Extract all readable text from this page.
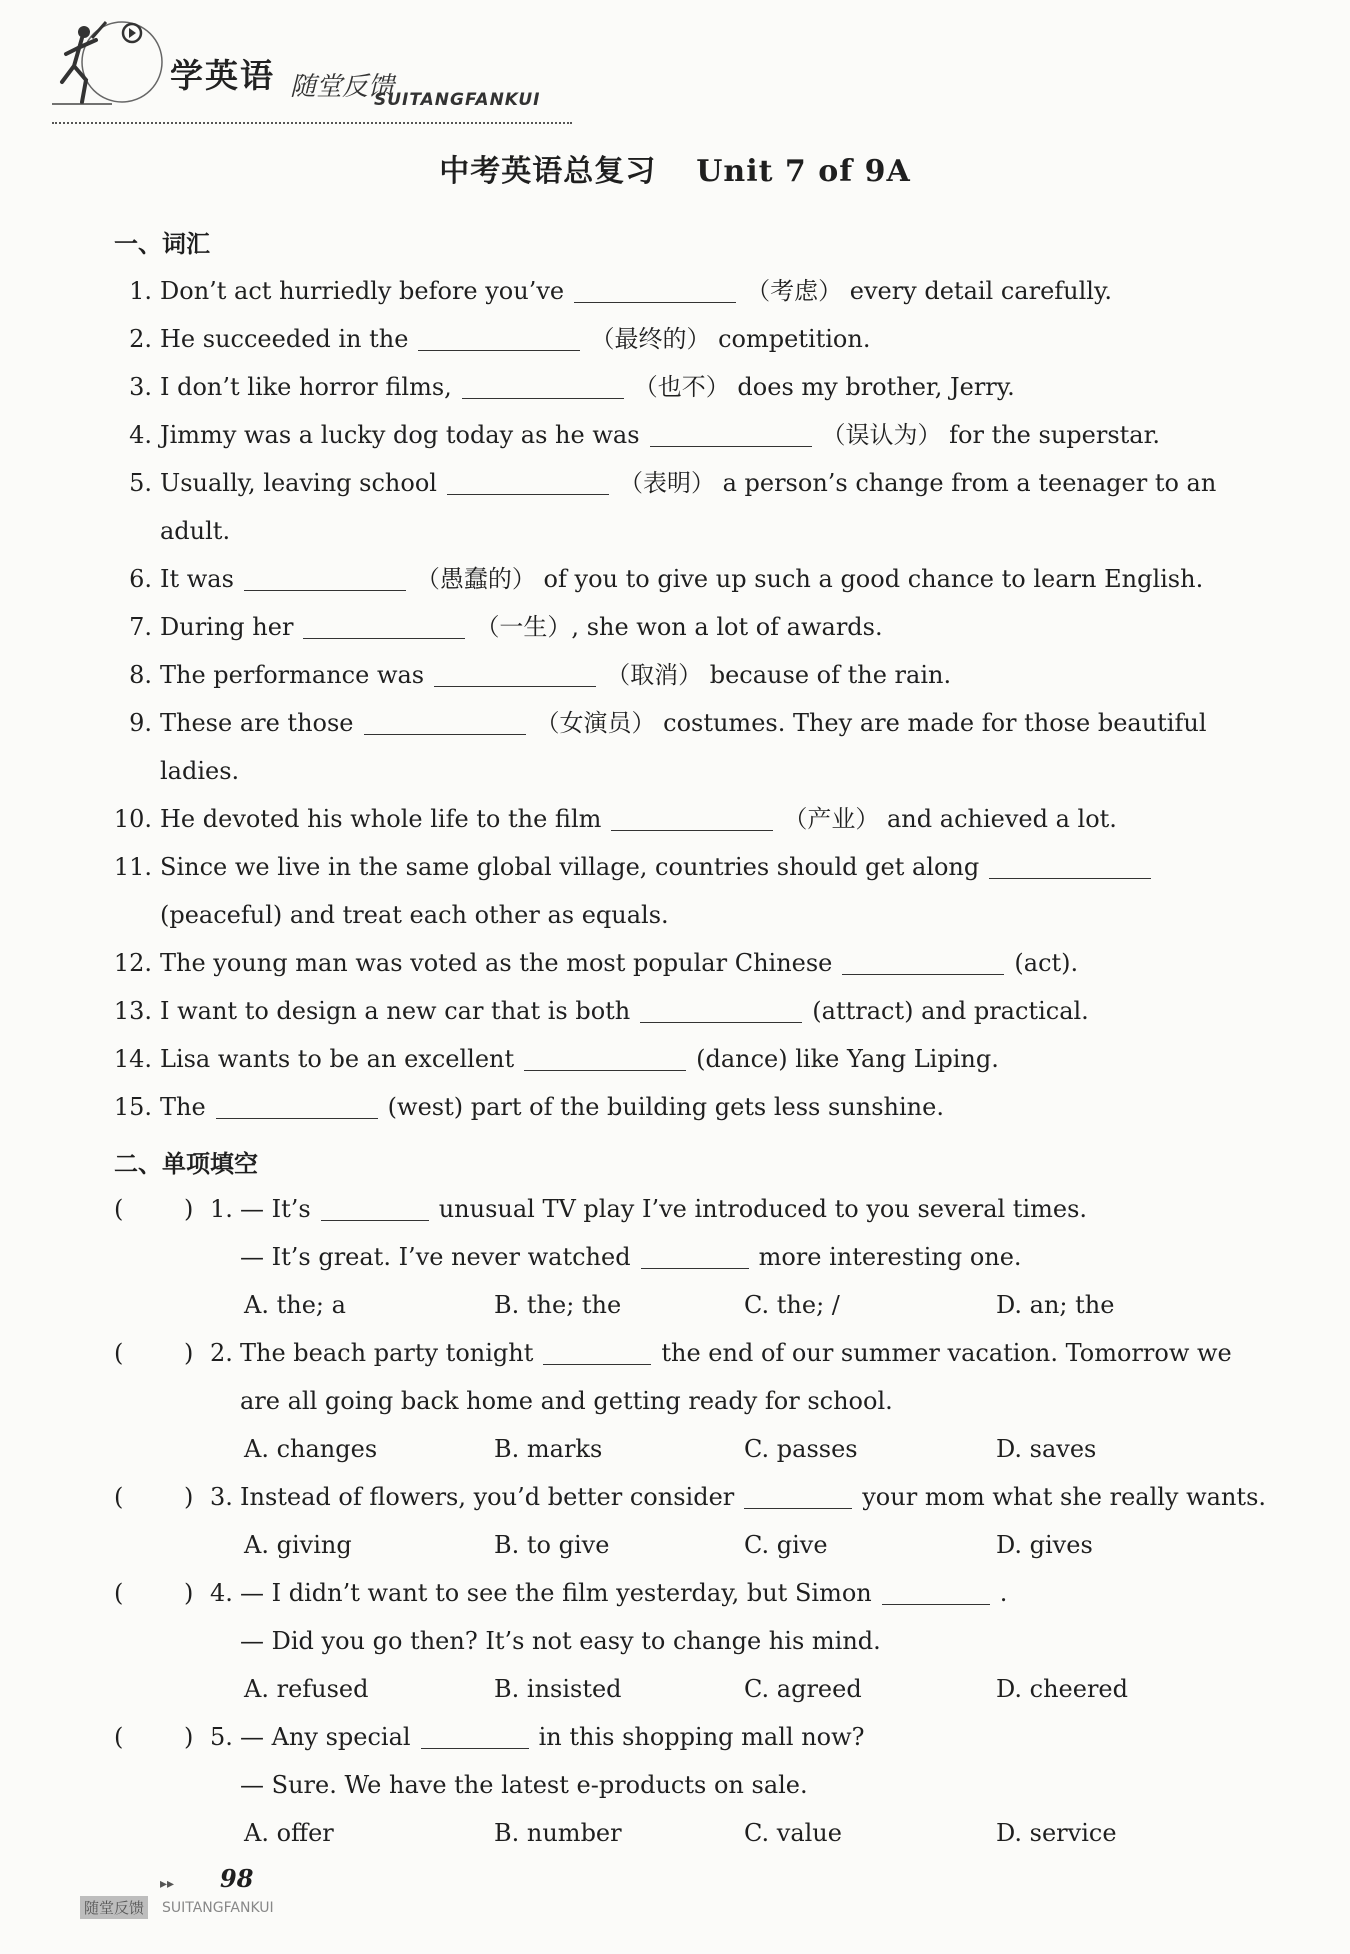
学英语 随堂反馈
SUITANGFANKUI
中考英语总复习 Unit 7 of 9A
一、词汇
1. Don’t act hurriedly before you’ve	（考虑） every detail carefully.
2. He succeeded in the	（最终的） competition.
3. I don’t like horror films,	（也不） does my brother, Jerry.
4. Jimmy was a lucky dog today as he was	（误认为） for the superstar.
5. Usually, leaving school	（表明） a person’s change from a teenager to an
adult.
6. It was	（愚蠢的） of you to give up such a good chance to learn English.
7. During her	（一生）, she won a lot of awards.
8. The performance was	（取消） because of the rain.
9. These are those	（女演员） costumes. They are made for those beautiful
ladies.
10. He devoted his whole life to the film	（产业） and achieved a lot.
11. Since we live in the same global village, countries should get along
(peaceful) and treat each other as equals.
12. The young man was voted as the most popular Chinese	(act).
13. I want to design a new car that is both	(attract) and practical.
14. Lisa wants to be an excellent	(dance) like Yang Liping.
15. The	(west) part of the building gets less sunshine.
二、单项填空
(	) 1. — It’s	unusual TV play I’ve introduced to you several times.
— It’s great. I’ve never watched	more interesting one.
A. the; a	B. the; the	C. the; /	D. an; the
(	) 2. The beach party tonight	the end of our summer vacation. Tomorrow we
are all going back home and getting ready for school.
A. changes	B. marks	C. passes	D. saves
(	) 3. Instead of flowers, you’d better consider	your mom what she really wants.
A. giving	B. to give	C. give	D. gives
(	) 4. — I didn’t want to see the film yesterday, but Simon	.
— Did you go then? It’s not easy to change his mind.
A. refused	B. insisted	C. agreed	D. cheered
(	) 5. — Any special	in this shopping mall now?
— Sure. We have the latest e-products on sale.
A. offer	B. number	C. value	D. service
▸▸ 98
随堂反馈 SUITANGFANKUI
